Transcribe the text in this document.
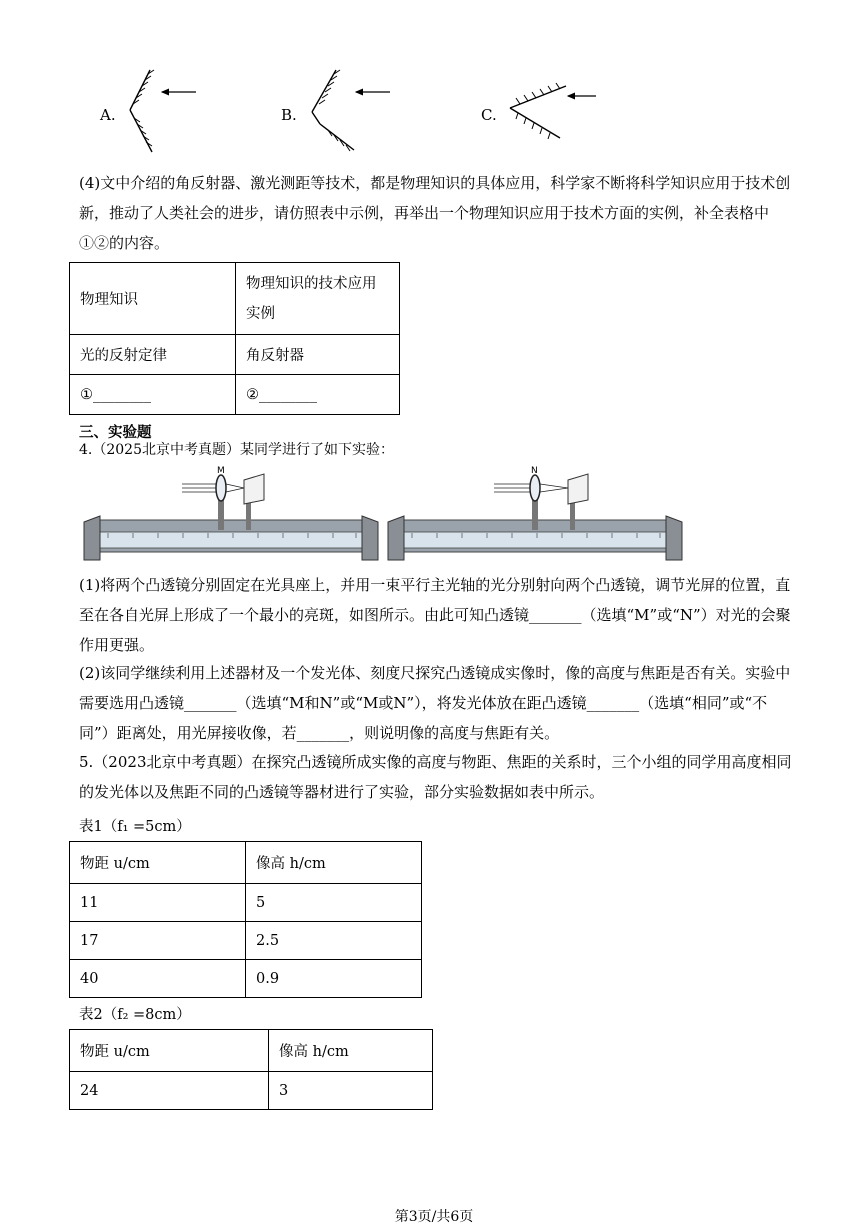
A.	B.	C.

(4)文中介绍的角反射器、激光测距等技术，都是物理知识的具体应用，科学家不断将科学知识应用于技术创新，推动了人类社会的进步，请仿照表中示例，再举出一个物理知识应用于技术方面的实例，补全表格中①②的内容。

物理知识	物理知识的技术应用实例
光的反射定律	角反射器
①________	②________
三、实验题
4.（2025北京中考真题）某同学进行了如下实验：
M	N

(1)将两个凸透镜分别固定在光具座上，并用一束平行主光轴的光分别射向两个凸透镜，调节光屏的位置，直至在各自光屏上形成了一个最小的亮斑，如图所示。由此可知凸透镜_______（选填“M”或“N”）对光的会聚作用更强。

(2)该同学继续利用上述器材及一个发光体、刻度尺探究凸透镜成实像时，像的高度与焦距是否有关。实验中需要选用凸透镜_______（选填“M和N”或“M或N”），将发光体放在距凸透镜_______（选填“相同”或“不同”）距离处，用光屏接收像，若_______，则说明像的高度与焦距有关。

5.（2023北京中考真题）在探究凸透镜所成实像的高度与物距、焦距的关系时，三个小组的同学用高度相同的发光体以及焦距不同的凸透镜等器材进行了实验，部分实验数据如表中所示。

表1（f₁ =5cm）
物距 u/cm	像高 h/cm
11	5
17	2.5
40	0.9
表2（f₂ =8cm）
物距 u/cm	像高 h/cm
24	3
第3页/共6页
